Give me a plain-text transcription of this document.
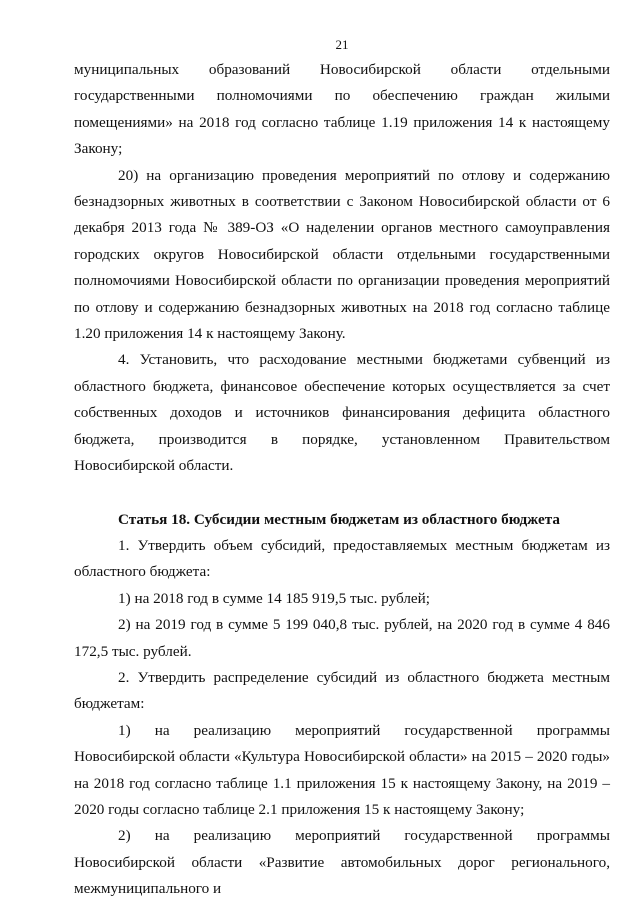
21
муниципальных образований Новосибирской области отдельными государственными полномочиями по обеспечению граждан жилыми помещениями» на 2018 год согласно таблице 1.19 приложения 14 к настоящему Закону;
20) на организацию проведения мероприятий по отлову и содержанию безнадзорных животных в соответствии с Законом Новосибирской области от 6 декабря 2013 года № 389-ОЗ «О наделении органов местного самоуправления городских округов Новосибирской области отдельными государственными полномочиями Новосибирской области по организации проведения мероприятий по отлову и содержанию безнадзорных животных на 2018 год согласно таблице 1.20 приложения 14 к настоящему Закону.
4. Установить, что расходование местными бюджетами субвенций из областного бюджета, финансовое обеспечение которых осуществляется за счет собственных доходов и источников финансирования дефицита областного бюджета, производится в порядке, установленном Правительством Новосибирской области.
Статья 18. Субсидии местным бюджетам из областного бюджета
1. Утвердить объем субсидий, предоставляемых местным бюджетам из областного бюджета:
1) на 2018 год в сумме 14 185 919,5 тыс. рублей;
2) на 2019 год в сумме 5 199 040,8 тыс. рублей, на 2020 год в сумме 4 846 172,5 тыс. рублей.
2. Утвердить распределение субсидий из областного бюджета местным бюджетам:
1) на реализацию мероприятий государственной программы Новосибирской области «Культура Новосибирской области» на 2015 – 2020 годы» на 2018 год согласно таблице 1.1 приложения 15 к настоящему Закону, на 2019 – 2020 годы согласно таблице 2.1 приложения 15 к настоящему Закону;
2) на реализацию мероприятий государственной программы Новосибирской области «Развитие автомобильных дорог регионального, межмуниципального и
